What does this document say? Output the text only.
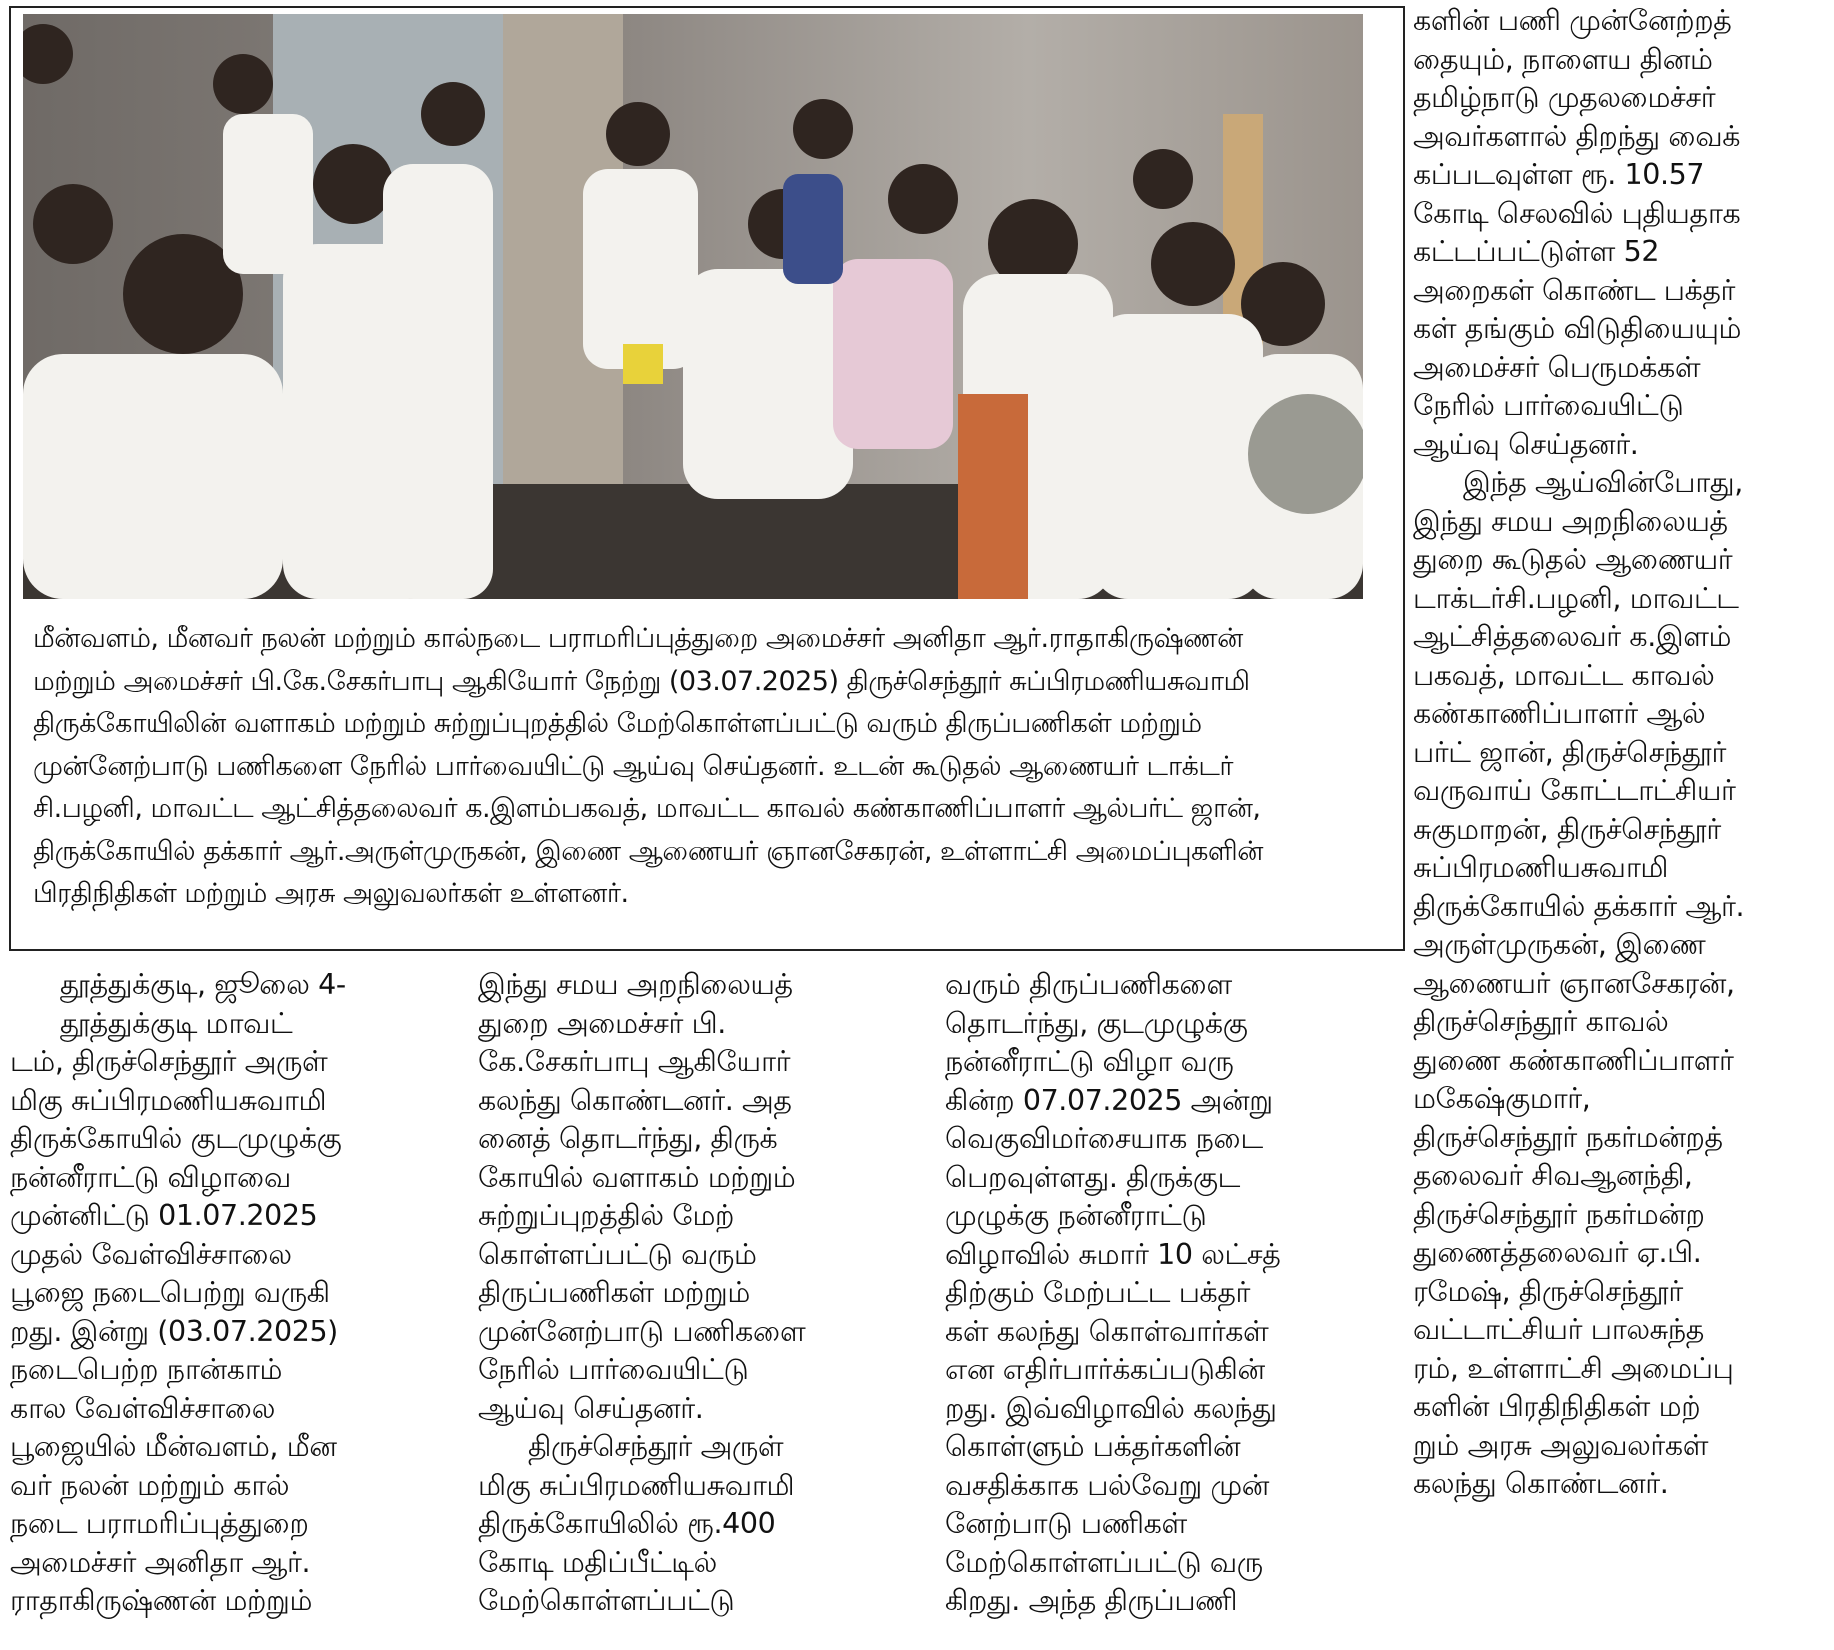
மீன்வளம், மீனவர் நலன் மற்றும் கால்நடை பராமரிப்புத்துறை அமைச்சர் அனிதா ஆர்.ராதாகிருஷ்ணன்

மற்றும் அமைச்சர் பி.கே.சேகர்பாபு ஆகியோர் நேற்று (03.07.2025) திருச்செந்தூர் சுப்பிரமணியசுவாமி

திருக்கோயிலின் வளாகம் மற்றும் சுற்றுப்புறத்தில் மேற்கொள்ளப்பட்டு வரும் திருப்பணிகள் மற்றும்

முன்னேற்பாடு பணிகளை நேரில் பார்வையிட்டு ஆய்வு செய்தனர். உடன் கூடுதல் ஆணையர் டாக்டர்

சி.பழனி, மாவட்ட ஆட்சித்தலைவர் க.இளம்பகவத், மாவட்ட காவல் கண்காணிப்பாளர் ஆல்பர்ட் ஜான்,

திருக்கோயில் தக்கார் ஆர்.அருள்முருகன், இணை ஆணையர் ஞானசேகரன், உள்ளாட்சி அமைப்புகளின்

பிரதிநிதிகள் மற்றும் அரசு அலுவலர்கள் உள்ளனர்.

தூத்துக்குடி, ஜூலை 4-

தூத்துக்குடி மாவட்

டம், திருச்செந்தூர் அருள்

மிகு சுப்பிரமணியசுவாமி

திருக்கோயில் குடமுழுக்கு

நன்னீராட்டு விழாவை

முன்னிட்டு 01.07.2025

முதல் வேள்விச்சாலை

பூஜை நடைபெற்று வருகி

றது. இன்று (03.07.2025)

நடைபெற்ற நான்காம்

கால வேள்விச்சாலை

பூஜையில் மீன்வளம், மீன

வர் நலன் மற்றும் கால்

நடை பராமரிப்புத்துறை

அமைச்சர் அனிதா ஆர்.

ராதாகிருஷ்ணன் மற்றும்

இந்து சமய அறநிலையத்

துறை அமைச்சர் பி.

கே.சேகர்பாபு ஆகியோர்

கலந்து கொண்டனர். அத

னைத் தொடர்ந்து, திருக்

கோயில் வளாகம் மற்றும்

சுற்றுப்புறத்தில் மேற்

கொள்ளப்பட்டு வரும்

திருப்பணிகள் மற்றும்

முன்னேற்பாடு பணிகளை

நேரில் பார்வையிட்டு

ஆய்வு செய்தனர்.

திருச்செந்தூர் அருள்

மிகு சுப்பிரமணியசுவாமி

திருக்கோயிலில் ரூ.400

கோடி மதிப்பீட்டில்

மேற்கொள்ளப்பட்டு

வரும் திருப்பணிகளை

தொடர்ந்து, குடமுழுக்கு

நன்னீராட்டு விழா வரு

கின்ற 07.07.2025 அன்று

வெகுவிமர்சையாக நடை

பெறவுள்ளது. திருக்குட

முழுக்கு நன்னீராட்டு

விழாவில் சுமார் 10 லட்சத்

திற்கும் மேற்பட்ட பக்தர்

கள் கலந்து கொள்வார்கள்

என எதிர்பார்க்கப்படுகின்

றது. இவ்விழாவில் கலந்து

கொள்ளும் பக்தர்களின்

வசதிக்காக பல்வேறு முன்

னேற்பாடு பணிகள்

மேற்கொள்ளப்பட்டு வரு

கிறது. அந்த திருப்பணி

களின் பணி முன்னேற்றத்

தையும், நாளைய தினம்

தமிழ்நாடு முதலமைச்சர்

அவர்களால் திறந்து வைக்

கப்படவுள்ள ரூ. 10.57

கோடி செலவில் புதியதாக

கட்டப்பட்டுள்ள 52

அறைகள் கொண்ட பக்தர்

கள் தங்கும் விடுதியையும்

அமைச்சர் பெருமக்கள்

நேரில் பார்வையிட்டு

ஆய்வு செய்தனர்.

இந்த ஆய்வின்போது,

இந்து சமய அறநிலையத்

துறை கூடுதல் ஆணையர்

டாக்டர்சி.பழனி, மாவட்ட

ஆட்சித்தலைவர் க.இளம்

பகவத், மாவட்ட காவல்

கண்காணிப்பாளர் ஆல்

பர்ட் ஜான், திருச்செந்தூர்

வருவாய் கோட்டாட்சியர்

சுகுமாறன், திருச்செந்தூர்

சுப்பிரமணியசுவாமி

திருக்கோயில் தக்கார் ஆர்.

அருள்முருகன், இணை

ஆணையர் ஞானசேகரன்,

திருச்செந்தூர் காவல்

துணை கண்காணிப்பாளர்

மகேஷ்குமார்,

திருச்செந்தூர் நகர்மன்றத்

தலைவர் சிவஆனந்தி,

திருச்செந்தூர் நகர்மன்ற

துணைத்தலைவர் ஏ.பி.

ரமேஷ், திருச்செந்தூர்

வட்டாட்சியர் பாலசுந்த

ரம், உள்ளாட்சி அமைப்பு

களின் பிரதிநிதிகள் மற்

றும் அரசு அலுவலர்கள்

கலந்து கொண்டனர்.
